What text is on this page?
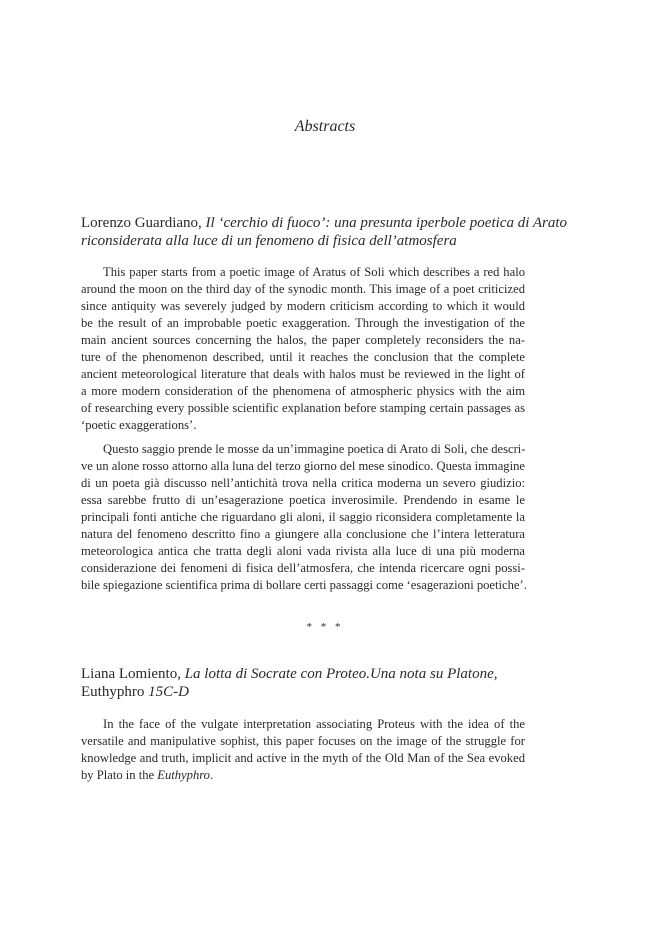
Abstracts
Lorenzo Guardiano, Il ‘cerchio di fuoco’: una presunta iperbole poetica di Arato
riconsiderata alla luce di un fenomeno di fisica dell’atmosfera
This paper starts from a poetic image of Aratus of Soli which describes a red halo
around the moon on the third day of the synodic month. This image of a poet criticized
since antiquity was severely judged by modern criticism according to which it would
be the result of an improbable poetic exaggeration. Through the investigation of the
main ancient sources concerning the halos, the paper completely reconsiders the na-
ture of the phenomenon described, until it reaches the conclusion that the complete
ancient meteorological literature that deals with halos must be reviewed in the light of
a more modern consideration of the phenomena of atmospheric physics with the aim
of researching every possible scientific explanation before stamping certain passages as
‘poetic exaggerations’.
Questo saggio prende le mosse da un’immagine poetica di Arato di Soli, che descri-
ve un alone rosso attorno alla luna del terzo giorno del mese sinodico. Questa immagine
di un poeta già discusso nell’antichità trova nella critica moderna un severo giudizio:
essa sarebbe frutto di un’esagerazione poetica inverosimile. Prendendo in esame le
principali fonti antiche che riguardano gli aloni, il saggio riconsidera completamente la
natura del fenomeno descritto fino a giungere alla conclusione che l’intera letteratura
meteorologica antica che tratta degli aloni vada rivista alla luce di una più moderna
considerazione dei fenomeni di fisica dell’atmosfera, che intenda ricercare ogni possi-
bile spiegazione scientifica prima di bollare certi passaggi come ‘esagerazioni poetiche’.
* * *
Liana Lomiento, La lotta di Socrate con Proteo.Una nota su Platone,
Euthyphro 15C-D
In the face of the vulgate interpretation associating Proteus with the idea of the
versatile and manipulative sophist, this paper focuses on the image of the struggle for
knowledge and truth, implicit and active in the myth of the Old Man of the Sea evoked
by Plato in the Euthyphro.
